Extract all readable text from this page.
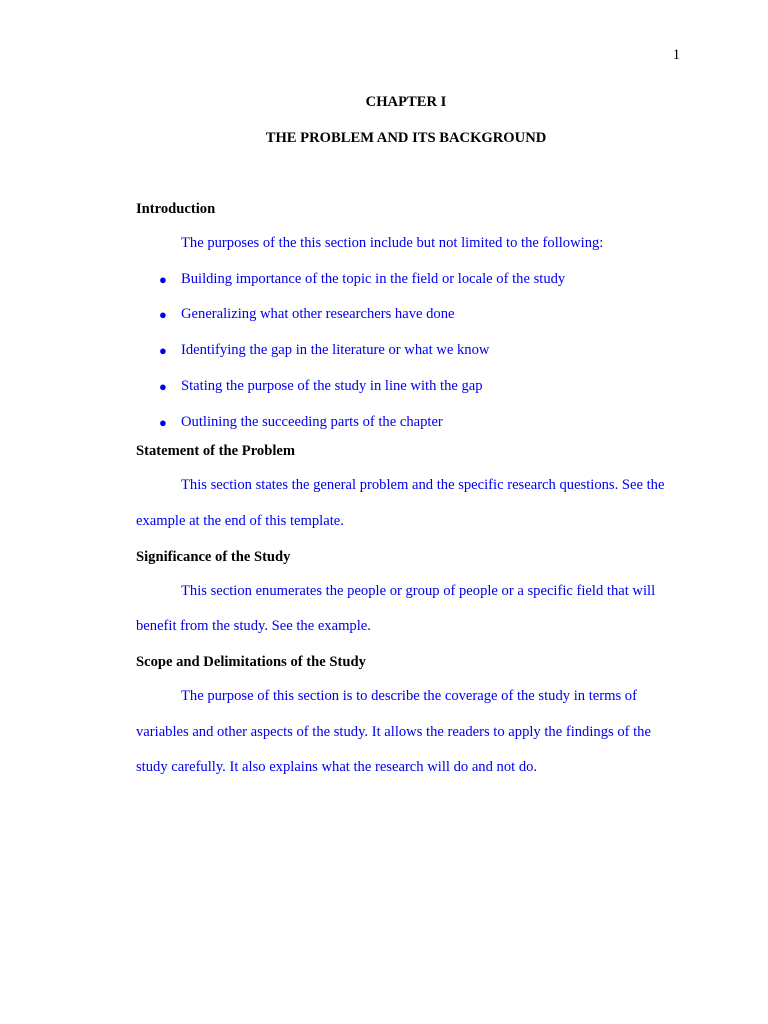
1

CHAPTER I

THE PROBLEM AND ITS BACKGROUND

Introduction

The purposes of the this section include but not limited to the following:

● Building importance of the topic in the field or locale of the study
● Generalizing what other researchers have done
● Identifying the gap in the literature or what we know
● Stating the purpose of the study in line with the gap
● Outlining the succeeding parts of the chapter

Statement of the Problem

This section states the general problem and the specific research questions. See the example at the end of this template.

Significance of the Study

This section enumerates the people or group of people or a specific field that will benefit from the study. See the example.

Scope and Delimitations of the Study

The purpose of this section is to describe the coverage of the study in terms of variables and other aspects of the study. It allows the readers to apply the findings of the study carefully. It also explains what the research will do and not do.
